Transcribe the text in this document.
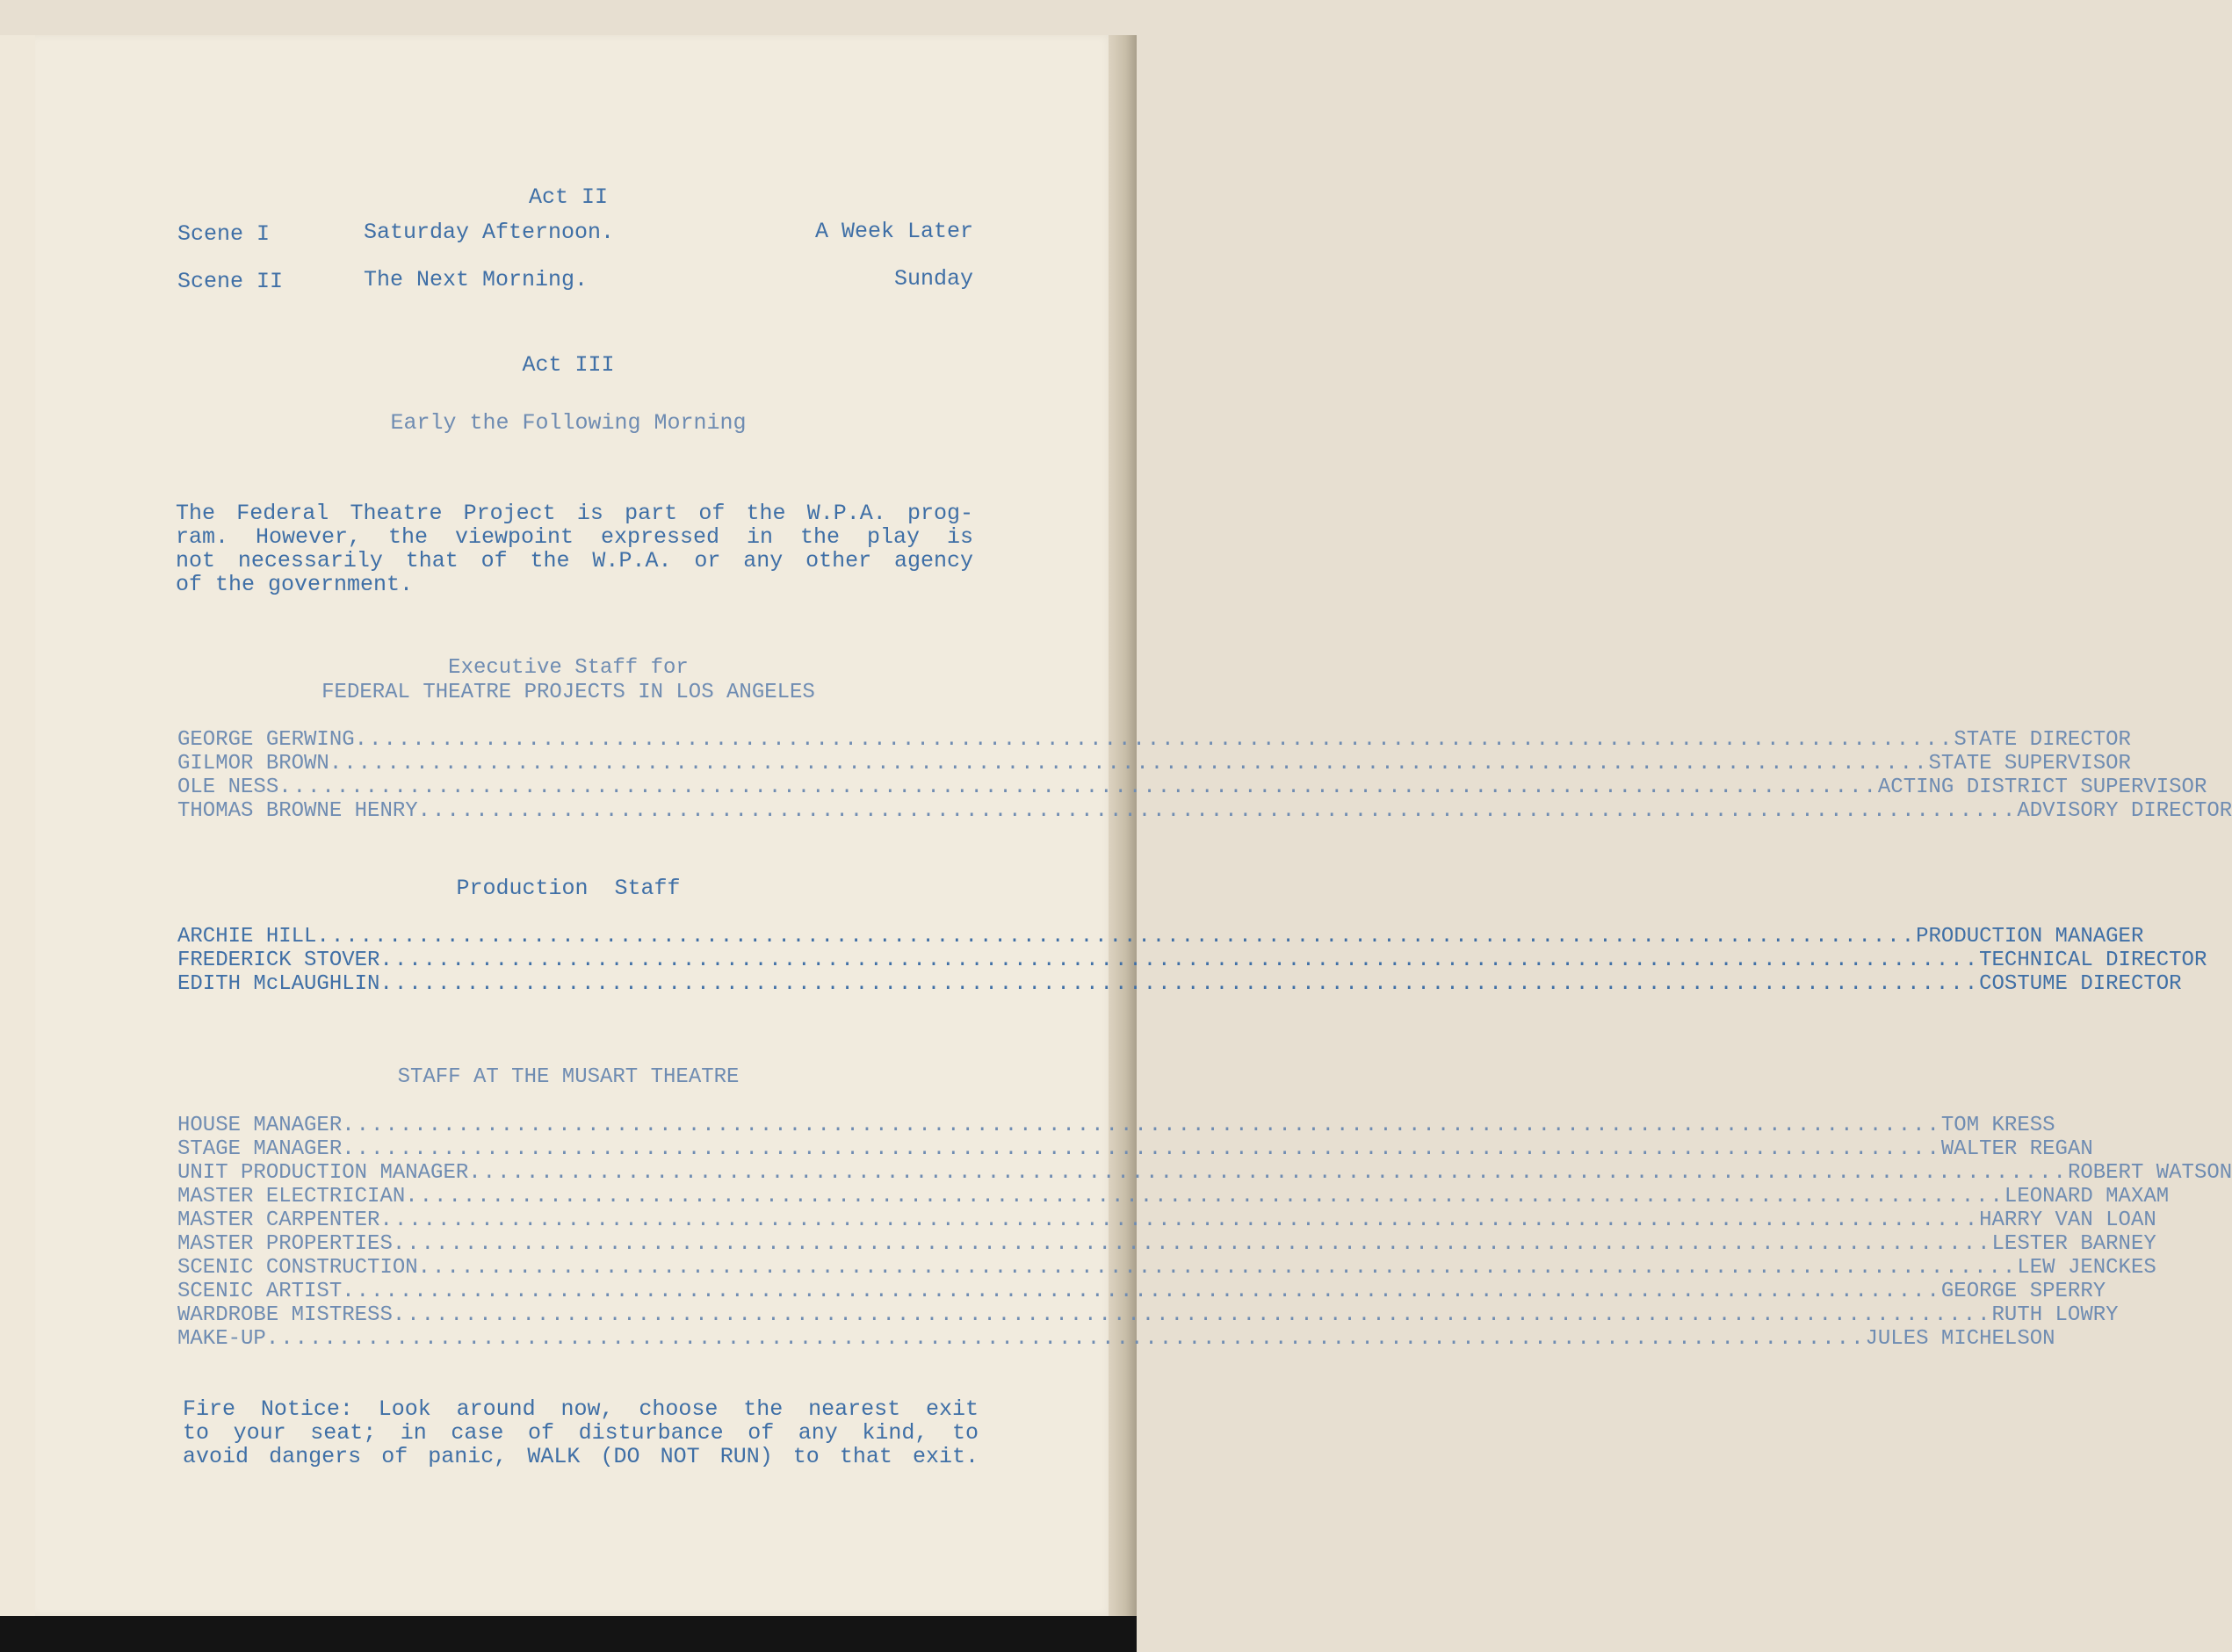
Act II
Scene I	Saturday Afternoon.	A Week Later
Scene II	The Next Morning.	Sunday
Act III
Early the Following Morning
The Federal Theatre Project is part of the W.P.A. prog-
ram. However, the viewpoint expressed in the play is
not necessarily that of the W.P.A. or any other agency
of the government.
Executive Staff for
FEDERAL THEATRE PROJECTS IN LOS ANGELES
GEORGE GERWING ............................................................................................................... STATE DIRECTOR
GILMOR BROWN ............................................................................................................... STATE SUPERVISOR
OLE NESS ............................................................................................................... ACTING DISTRICT SUPERVISOR
THOMAS BROWNE HENRY ............................................................................................................... ADVISORY DIRECTOR
Production  Staff
ARCHIE HILL ............................................................................................................... PRODUCTION MANAGER
FREDERICK STOVER ............................................................................................................... TECHNICAL DIRECTOR
EDITH McLAUGHLIN ............................................................................................................... COSTUME DIRECTOR
STAFF AT THE MUSART THEATRE
HOUSE MANAGER ............................................................................................................... TOM KRESS
STAGE MANAGER ............................................................................................................... WALTER REGAN
UNIT PRODUCTION MANAGER ............................................................................................................... ROBERT WATSON
MASTER ELECTRICIAN ............................................................................................................... LEONARD MAXAM
MASTER CARPENTER ............................................................................................................... HARRY VAN LOAN
MASTER PROPERTIES ............................................................................................................... LESTER BARNEY
SCENIC CONSTRUCTION ............................................................................................................... LEW JENCKES
SCENIC ARTIST ............................................................................................................... GEORGE SPERRY
WARDROBE MISTRESS ............................................................................................................... RUTH LOWRY
MAKE-UP ............................................................................................................... JULES MICHELSON
Fire Notice: Look around now, choose the nearest exit
to your seat; in case of disturbance of any kind, to
avoid dangers of panic, WALK (DO NOT RUN) to that exit.
